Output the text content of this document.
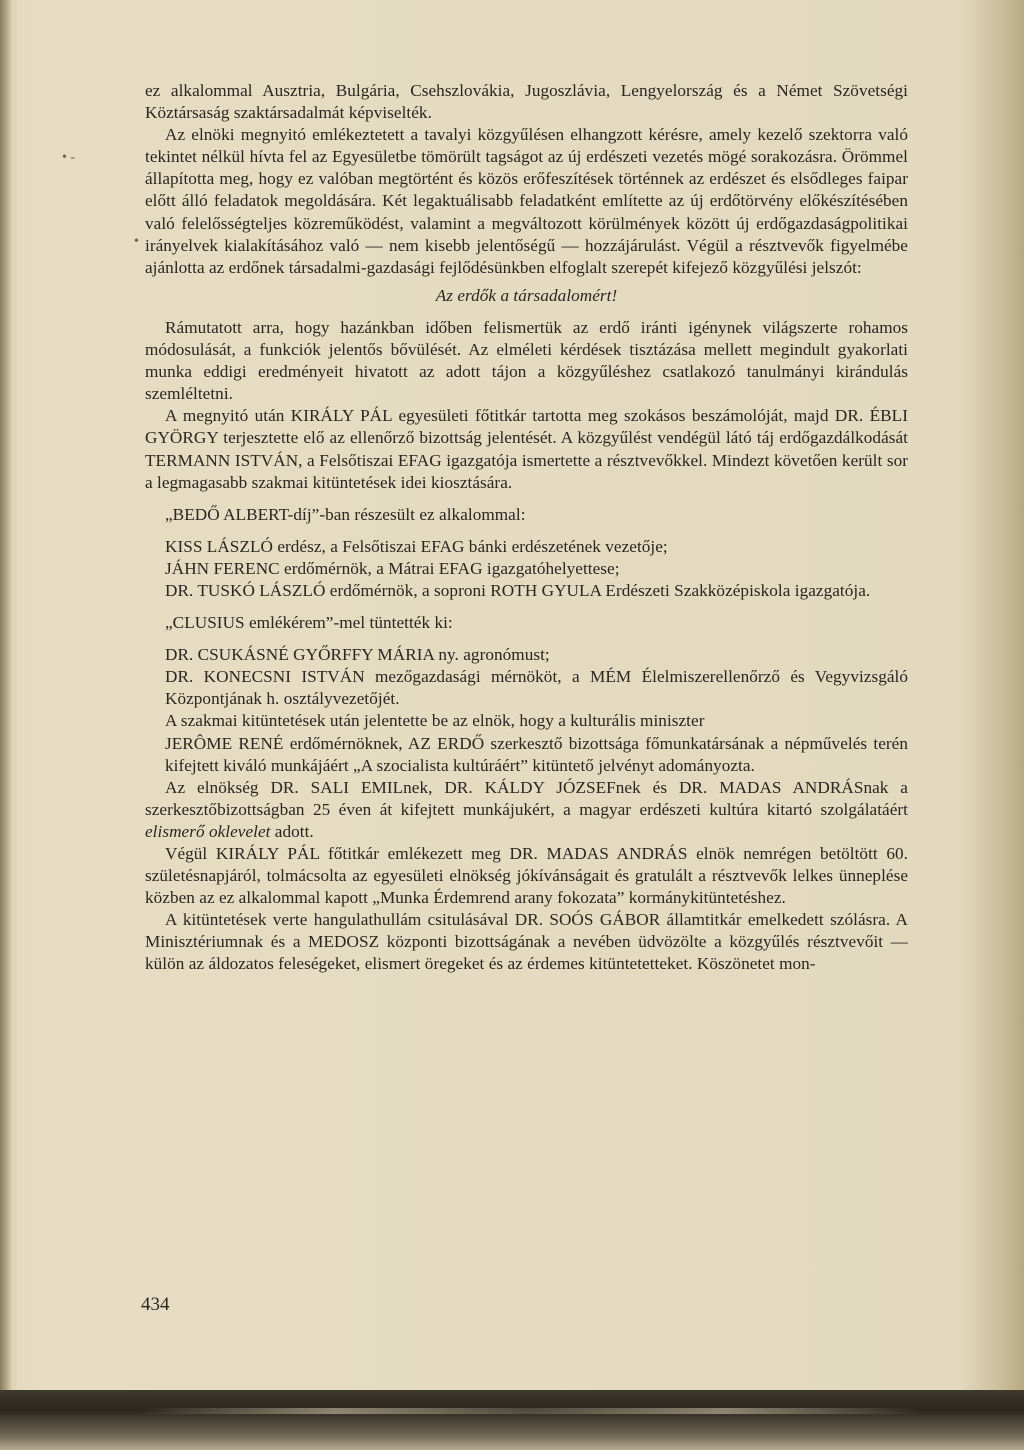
• -
•

ez alkalommal Ausztria, Bulgária, Csehszlovákia, Jugoszlávia, Lengyelország és a Német Szövetségi Köztársaság szaktársadalmát képviselték.

Az elnöki megnyitó emlékeztetett a tavalyi közgyűlésen elhangzott kérésre, amely kezelő szektorra való tekintet nélkül hívta fel az Egyesületbe tömörült tagságot az új erdészeti vezetés mögé sorakozásra. Örömmel állapította meg, hogy ez valóban megtörtént és közös erőfeszítések történnek az erdészet és elsődleges faipar előtt álló feladatok megoldására. Két legaktuálisabb feladatként említette az új erdőtörvény előkészítésében való felelősségteljes közreműködést, valamint a megváltozott körülmények között új erdőgazdaságpolitikai irányelvek kialakításához való — nem kisebb jelentőségű — hozzájárulást. Végül a résztvevők figyelmébe ajánlotta az erdőnek társadalmi-gazdasági fejlődésünkben elfoglalt szerepét kifejező közgyűlési jelszót:

Az erdők a társadalomért!

Rámutatott arra, hogy hazánkban időben felismertük az erdő iránti igénynek világszerte rohamos módosulását, a funkciók jelentős bővülését. Az elméleti kérdések tisztázása mellett megindult gyakorlati munka eddigi eredményeit hivatott az adott tájon a közgyűléshez csatlakozó tanulmányi kirándulás szemléltetni.

A megnyitó után KIRÁLY PÁL egyesületi főtitkár tartotta meg szokásos beszámolóját, majd DR. ÉBLI GYÖRGY terjesztette elő az ellenőrző bizottság jelentését. A közgyűlést vendégül látó táj erdőgazdálkodását TERMANN ISTVÁN, a Felsőtiszai EFAG igazgatója ismertette a résztvevőkkel. Mindezt követően került sor a legmagasabb szakmai kitüntetések idei kiosztására.

„BEDŐ ALBERT-díj”-ban részesült ez alkalommal:

KISS LÁSZLÓ erdész, a Felsőtiszai EFAG bánki erdészetének vezetője;

JÁHN FERENC erdőmérnök, a Mátrai EFAG igazgatóhelyettese;

DR. TUSKÓ LÁSZLÓ erdőmérnök, a soproni ROTH GYULA Erdészeti Szakközépiskola igazgatója.

„CLUSIUS emlékérem”-mel tüntették ki:

DR. CSUKÁSNÉ GYŐRFFY MÁRIA ny. agronómust;

DR. KONECSNI ISTVÁN mezőgazdasági mérnököt, a MÉM Élelmiszerellenőrző és Vegyvizsgáló Központjának h. osztályvezetőjét.

A szakmai kitüntetések után jelentette be az elnök, hogy a kulturális miniszter

JERÔME RENÉ erdőmérnöknek, AZ ERDŐ szerkesztő bizottsága főmunkatársának a népművelés terén kifejtett kiváló munkájáért „A szocialista kultúráért” kitüntető jelvényt adományozta.

Az elnökség DR. SALI EMILnek, DR. KÁLDY JÓZSEFnek és DR. MADAS ANDRÁSnak a szerkesztőbizottságban 25 éven át kifejtett munkájukért, a magyar erdészeti kultúra kitartó szolgálatáért elismerő oklevelet adott.

Végül KIRÁLY PÁL főtitkár emlékezett meg DR. MADAS ANDRÁS elnök nemrégen betöltött 60. születésnapjáról, tolmácsolta az egyesületi elnökség jókívánságait és gratulált a résztvevők lelkes ünneplése közben az ez alkalommal kapott „Munka Érdemrend arany fokozata” kormánykitüntetéshez.

A kitüntetések verte hangulathullám csitulásával DR. SOÓS GÁBOR államtitkár emelkedett szólásra. A Minisztériumnak és a MEDOSZ központi bizottságának a nevében üdvözölte a közgyűlés résztvevőit — külön az áldozatos feleségeket, elismert öregeket és az érdemes kitüntetetteket. Köszönetet mon-

434
